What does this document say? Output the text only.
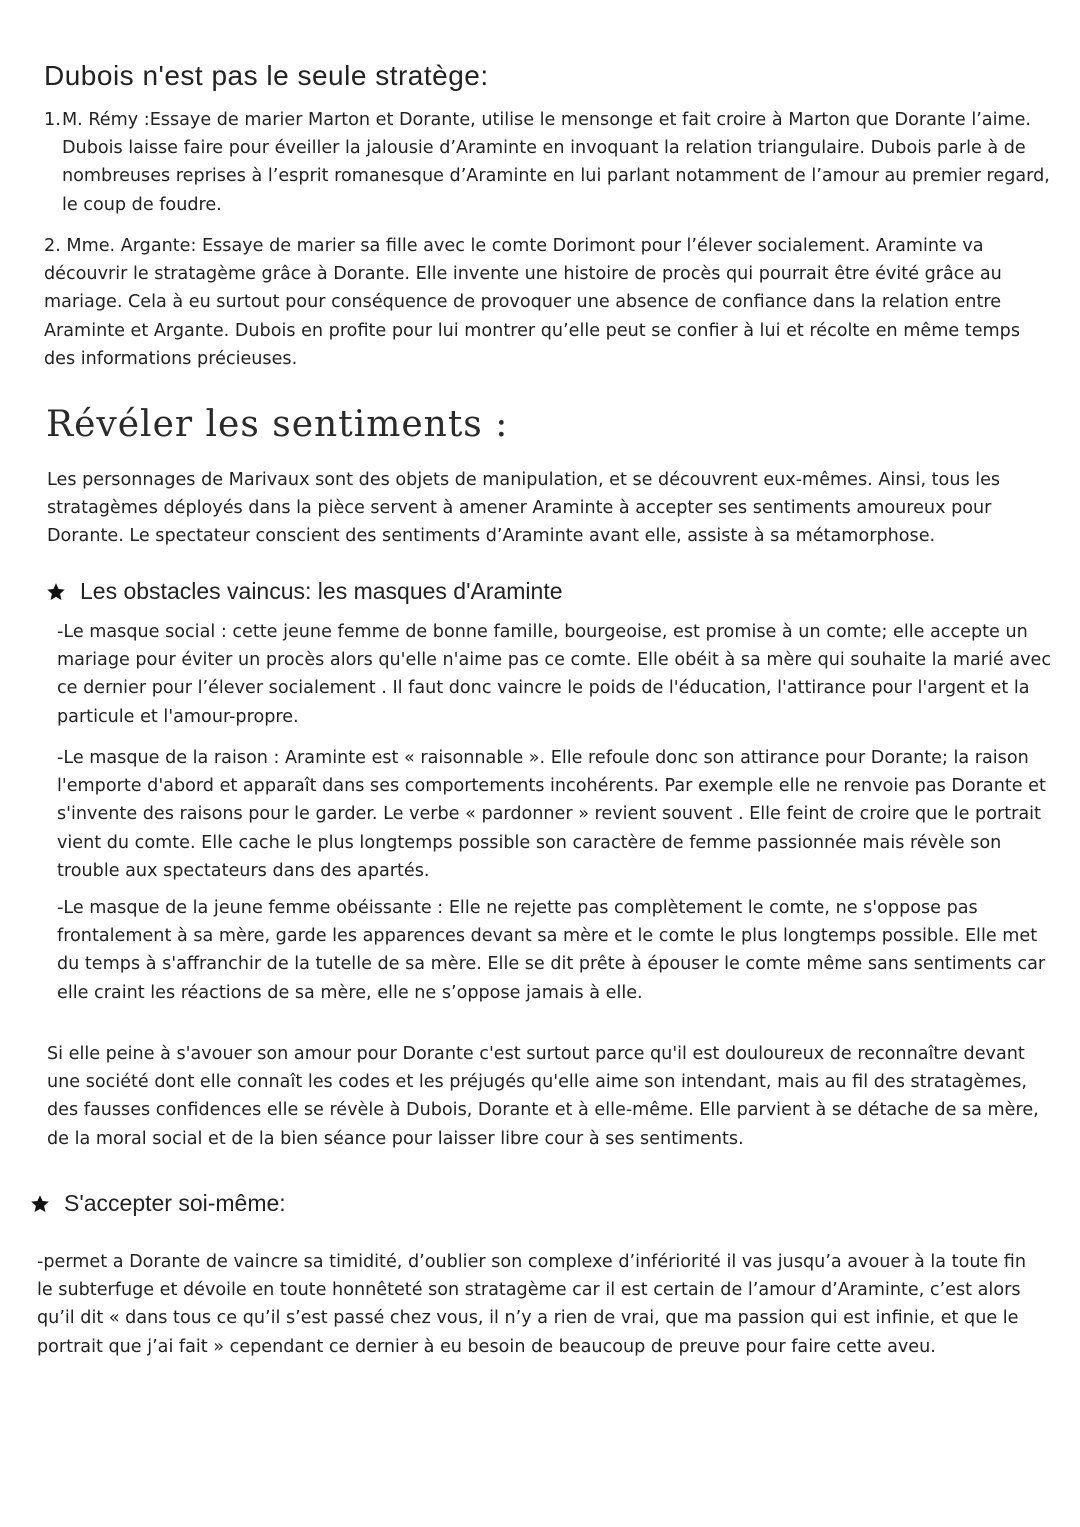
Dubois n'est pas le seule stratège:
1. M. Rémy :Essaye de marier Marton et Dorante, utilise le mensonge et fait croire à Marton que Dorante l’aime. Dubois laisse faire pour éveiller la jalousie d’Araminte en invoquant la relation triangulaire. Dubois parle à de nombreuses reprises à l’esprit romanesque d’Araminte en lui parlant notamment de l’amour au premier regard, le coup de foudre.

2. Mme. Argante: Essaye de marier sa fille avec le comte Dorimont pour l’élever socialement. Araminte va découvrir le stratagème grâce à Dorante. Elle invente une histoire de procès qui pourrait être évité grâce au mariage. Cela à eu surtout pour conséquence de provoquer une absence de confiance dans la relation entre Araminte et Argante. Dubois en profite pour lui montrer qu’elle peut se confier à lui et récolte en même temps des informations précieuses.

Révéler les sentiments :

Les personnages de Marivaux sont des objets de manipulation, et se découvrent eux-mêmes. Ainsi, tous les stratagèmes déployés dans la pièce servent à amener Araminte à accepter ses sentiments amoureux pour Dorante. Le spectateur conscient des sentiments d’Araminte avant elle, assiste à sa métamorphose.

Les obstacles vaincus: les masques d'Araminte

-Le masque social : cette jeune femme de bonne famille, bourgeoise, est promise à un comte; elle accepte un mariage pour éviter un procès alors qu'elle n'aime pas ce comte. Elle obéit à sa mère qui souhaite la marié avec ce dernier pour l’élever socialement . Il faut donc vaincre le poids de l'éducation, l'attirance pour l'argent et la particule et l'amour-propre.

-Le masque de la raison : Araminte est « raisonnable ». Elle refoule donc son attirance pour Dorante; la raison l'emporte d'abord et apparaît dans ses comportements incohérents. Par exemple elle ne renvoie pas Dorante et s'invente des raisons pour le garder. Le verbe « pardonner » revient souvent . Elle feint de croire que le portrait vient du comte. Elle cache le plus longtemps possible son caractère de femme passionnée mais révèle son trouble aux spectateurs dans des apartés.

-Le masque de la jeune femme obéissante : Elle ne rejette pas complètement le comte, ne s'oppose pas frontalement à sa mère, garde les apparences devant sa mère et le comte le plus longtemps possible. Elle met du temps à s'affranchir de la tutelle de sa mère. Elle se dit prête à épouser le comte même sans sentiments car elle craint les réactions de sa mère, elle ne s’oppose jamais à elle.

Si elle peine à s'avouer son amour pour Dorante c'est surtout parce qu'il est douloureux de reconnaître devant une société dont elle connaît les codes et les préjugés qu'elle aime son intendant, mais au fil des stratagèmes, des fausses confidences elle se révèle à Dubois, Dorante et à elle-même. Elle parvient à se détache de sa mère, de la moral social et de la bien séance pour laisser libre cour à ses sentiments.

S'accepter soi-même:

-permet a Dorante de vaincre sa timidité, d’oublier son complexe d’infériorité il vas jusqu’a avouer à la toute fin le subterfuge et dévoile en toute honnêteté son stratagème car il est certain de l’amour d’Araminte, c’est alors qu’il dit « dans tous ce qu’il s’est passé chez vous, il n’y a rien de vrai, que ma passion qui est infinie, et que le portrait que j’ai fait » cependant ce dernier à eu besoin de beaucoup de preuve pour faire cette aveu.
